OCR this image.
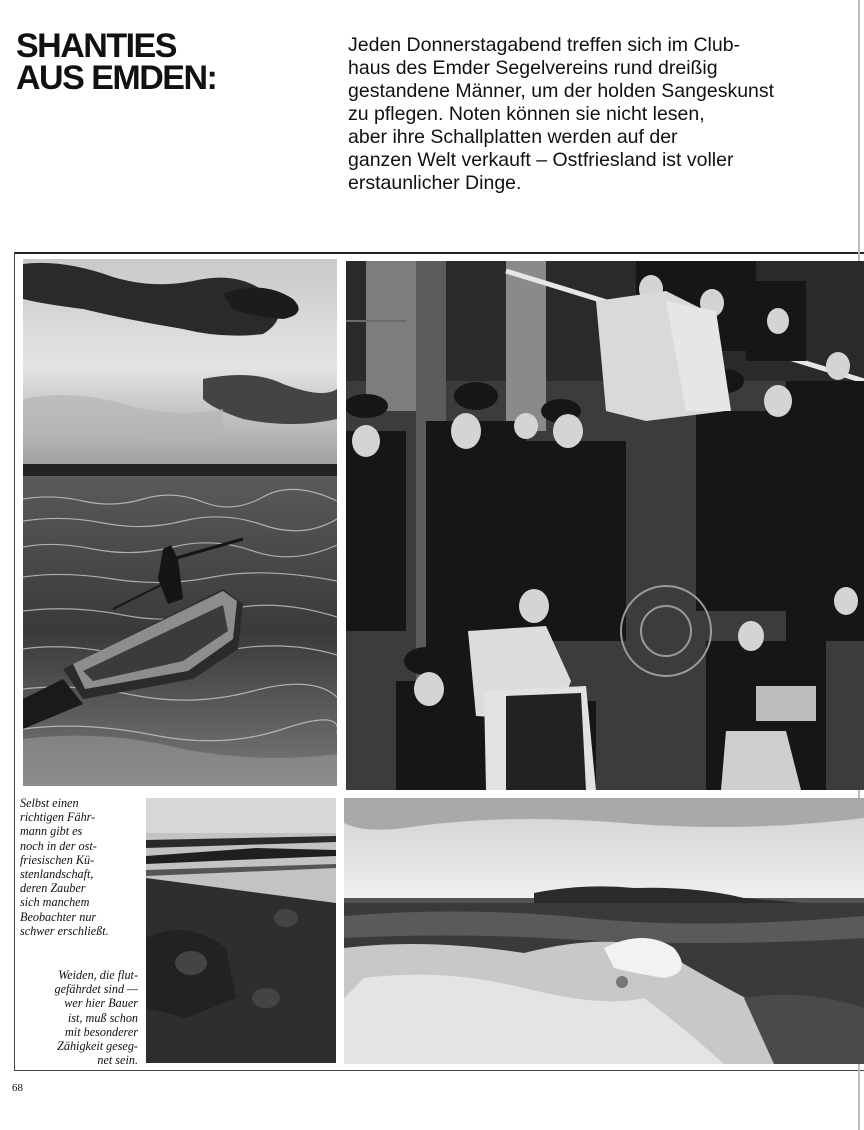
SHANTIES
AUS EMDEN:

Jeden Donnerstagabend treffen sich im Club-
haus des Emder Segelvereins rund dreißig
gestandene Männer, um der holden Sangeskunst
zu pflegen. Noten können sie nicht lesen,
aber ihre Schallplatten werden auf der
ganzen Welt verkauft – Ostfriesland ist voller
erstaunlicher Dinge.

Selbst einen
richtigen Fähr-
mann gibt es
noch in der ost-
friesischen Kü-
stenlandschaft,
deren Zauber
sich manchem
Beobachter nur
schwer erschließt.

Weiden, die flut-
gefährdet sind —
wer hier Bauer
ist, muß schon
mit besonderer
Zähigkeit geseg-
net sein.

68
